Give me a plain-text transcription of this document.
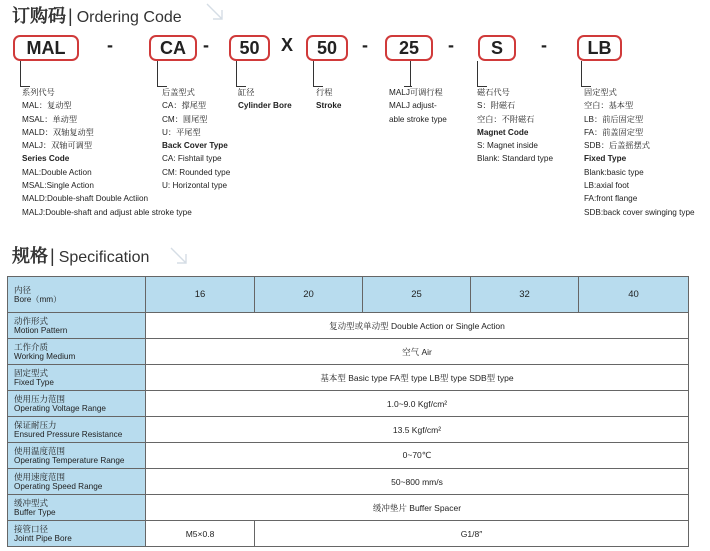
订购码 | Ordering Code
MAL	-	CA -	50	X	50	-	25	-	S	-	LB
系列代号
MAL：复动型
MSAL：单动型
MALD：双轴复动型
MALJ：双轴可调型
Series Code
MAL:Double Action
MSAL:Single Action
MALD:Double-shaft Double Actiion
MALJ:Double-shaft and adjust able stroke type
后盖型式
CA：撑尾型
CM：圆尾型
U：平尾型
Back Cover Type
CA: Fishtail type
CM: Rounded type
U: Horizontal type
缸径
Cylinder Bore
行程
Stroke
MALJ可调行程
MALJ adjust-
able stroke type
磁石代号
S：附磁石
空白：不附磁石
Magnet Code
S: Magnet inside
Blank: Standard type
固定型式
空白：基本型
LB：前后固定型
FA：前盖固定型
SDB：后盖摇摆式
Fixed Type
Blank:basic type
LB:axial foot
FA:front flange
SDB:back cover swinging type
规格 | Specification
内径
Bore（mm）	16	20	25	32	40

动作形式
Motion Pattern	复动型或单动型 Double Action or Single Action				

工作介质
Working Medium	空气 Air				

固定型式
Fixed Type	基本型 Basic type FA型 type LB型 type SDB型 type				

使用压力范围
Operating Voltage Range	1.0~9.0 Kgf/cm²				

保证耐压力
Ensured Pressure Resistance	13.5 Kgf/cm²				

使用温度范围
Operating Temperature Range	0~70℃				

使用速度范围
Operating Speed Range	50~800 mm/s				

缓冲型式
Buffer Type	缓冲垫片 Buffer Spacer				

接管口径
Jointt Pipe Bore	M5×0.8	G1/8″			
